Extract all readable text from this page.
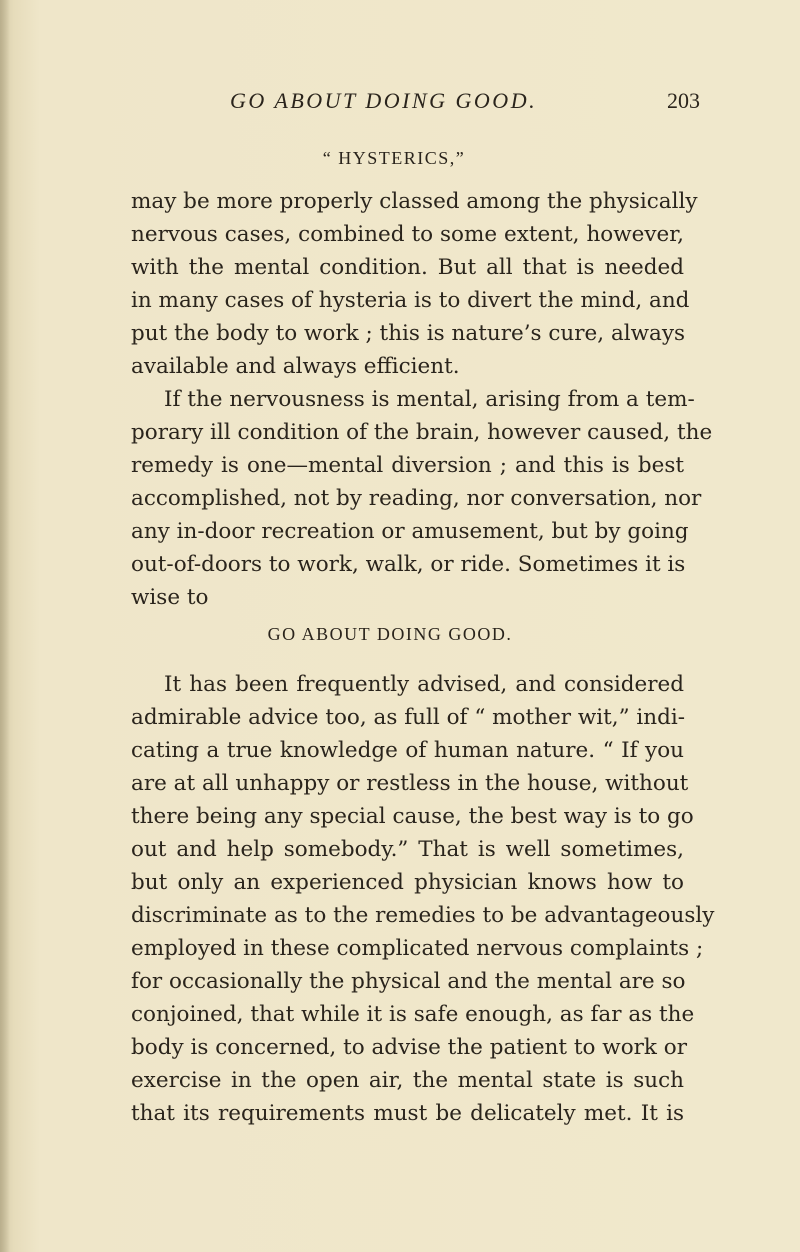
GO ABOUT DOING GOOD.	203
“ HYSTERICS,”
may be more properly classed among the physically
nervous cases, combined to some extent, however,
with the mental condition. But all that is needed
in many cases of hysteria is to divert the mind, and
put the body to work ; this is nature’s cure, always
available and always efficient.
If the nervousness is mental, arising from a tem-
porary ill condition of the brain, however caused, the
remedy is one—mental diversion ; and this is best
accomplished, not by reading, nor conversation, nor
any in-door recreation or amusement, but by going
out-of-doors to work, walk, or ride. Sometimes it is
wise to
GO ABOUT DOING GOOD.
It has been frequently advised, and considered
admirable advice too, as full of “ mother wit,” indi-
cating a true knowledge of human nature. “ If you
are at all unhappy or restless in the house, without
there being any special cause, the best way is to go
out and help somebody.” That is well sometimes,
but only an experienced physician knows how to
discriminate as to the remedies to be advantageously
employed in these complicated nervous complaints ;
for occasionally the physical and the mental are so
conjoined, that while it is safe enough, as far as the
body is concerned, to advise the patient to work or
exercise in the open air, the mental state is such
that its requirements must be delicately met. It is
